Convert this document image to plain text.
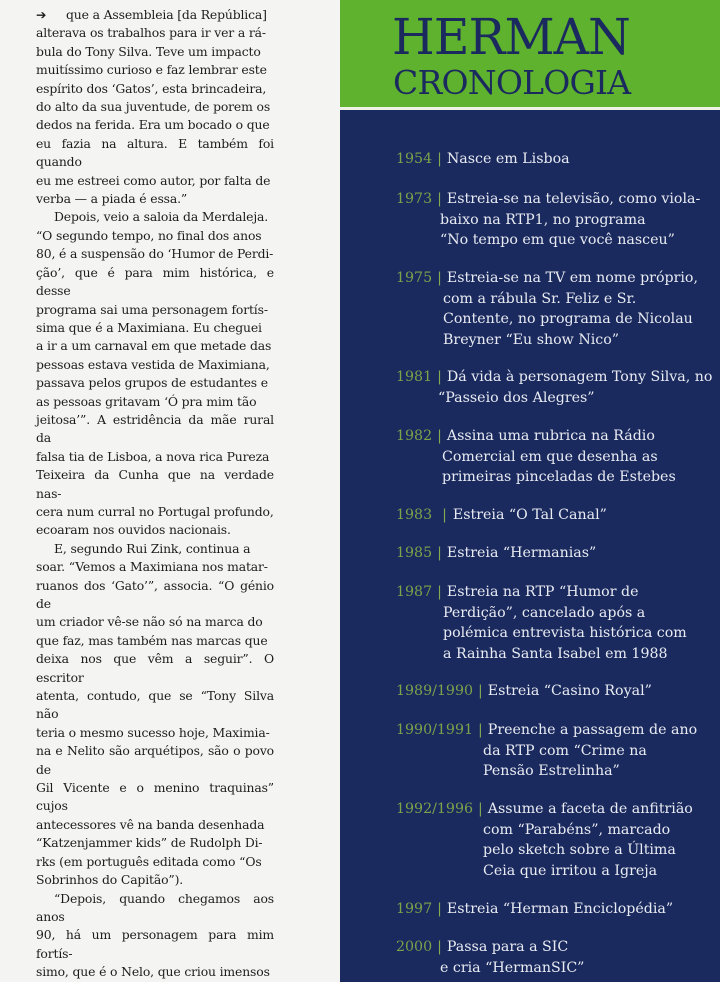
➔ que a Assembleia [da República]
alterava os trabalhos para ir ver a rá-
bula do Tony Silva. Teve um impacto
muitíssimo curioso e faz lembrar este
espírito dos ‘Gatos’, esta brincadeira,
do alto da sua juventude, de porem os
dedos na ferida. Era um bocado o que
eu fazia na altura. E também foi quando
eu me estreei como autor, por falta de
verba — a piada é essa.”

Depois, veio a saloia da Merdaleja.
“O segundo tempo, no final dos anos
80, é a suspensão do ‘Humor de Perdi-
ção’, que é para mim histórica, e desse
programa sai uma personagem fortís-
sima que é a Maximiana. Eu cheguei
a ir a um carnaval em que metade das
pessoas estava vestida de Maximiana,
passava pelos grupos de estudantes e
as pessoas gritavam ‘Ó pra mim tão
jeitosa’”. A estridência da mãe rural da
falsa tia de Lisboa, a nova rica Pureza
Teixeira da Cunha que na verdade nas-
cera num curral no Portugal profundo,
ecoaram nos ouvidos nacionais.

E, segundo Rui Zink, continua a
soar. “Vemos a Maximiana nos matar-
ruanos dos ‘Gato’”, associa. “O génio de
um criador vê-se não só na marca do
que faz, mas também nas marcas que
deixa nos que vêm a seguir”. O escritor
atenta, contudo, que se “Tony Silva não
teria o mesmo sucesso hoje, Maximia-
na e Nelito são arquétipos, são o povo de
Gil Vicente e o menino traquinas” cujos
antecessores vê na banda desenhada
“Katzenjammer kids” de Rudolph Di-
rks (em português editada como “Os
Sobrinhos do Capitão”).

“Depois, quando chegamos aos anos
90, há um personagem para mim fortís-
simo, que é o Nelo, que criou imensos

HERMAN
CRONOLOGIA
1954 | Nasce em Lisboa
1973 | Estreia-se na televisão, como viola-
baixo na RTP1, no programa
“No tempo em que você nasceu”
1975 | Estreia-se na TV em nome próprio,
com a rábula Sr. Feliz e Sr.
Contente, no programa de Nicolau
Breyner “Eu show Nico”
1981 | Dá vida à personagem Tony Silva, no
“Passeio dos Alegres”
1982 | Assina uma rubrica na Rádio
Comercial em que desenha as
primeiras pinceladas de Estebes
1983 | Estreia “O Tal Canal”
1985 | Estreia “Hermanias”
1987 | Estreia na RTP “Humor de
Perdição”, cancelado após a
polémica entrevista histórica com
a Rainha Santa Isabel em 1988
1989/1990 | Estreia “Casino Royal”
1990/1991 | Preenche a passagem de ano
da RTP com “Crime na
Pensão Estrelinha”
1992/1996 | Assume a faceta de anfitrião
com “Parabéns”, marcado
pelo sketch sobre a Última
Ceia que irritou a Igreja
1997 | Estreia “Herman Enciclopédia”
2000 | Passa para a SIC
e cria “HermanSIC”
